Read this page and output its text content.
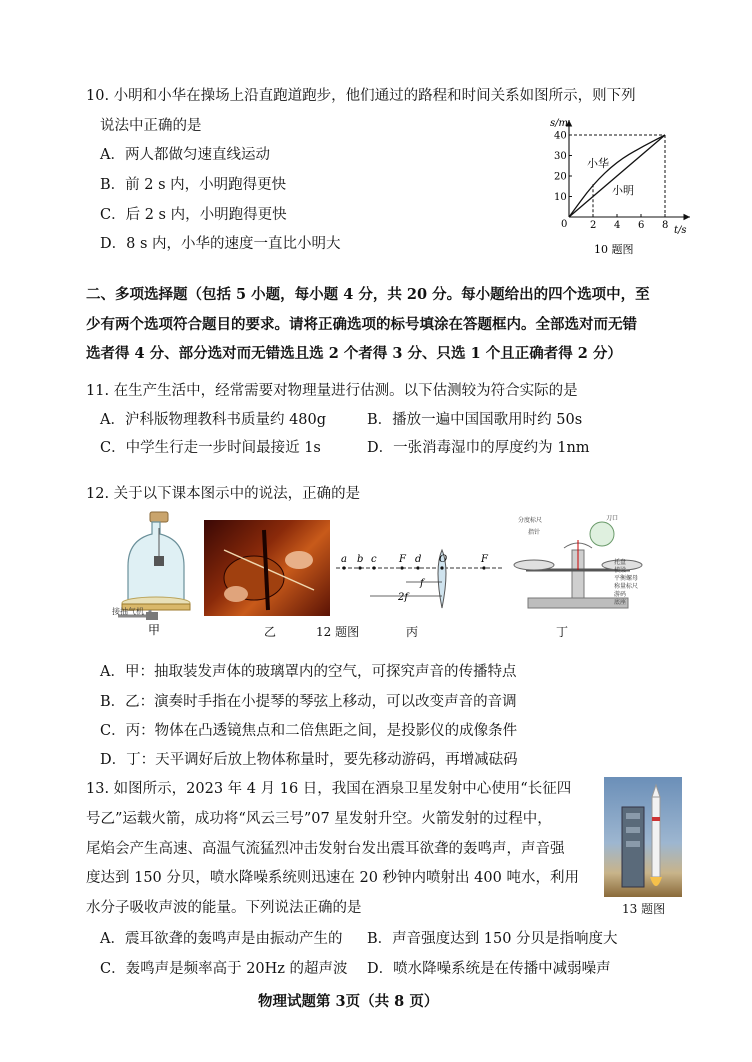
10. 小明和小华在操场上沿直跑道跑步，他们通过的路程和时间关系如图所示，则下列
说法中正确的是
A．两人都做匀速直线运动
B．前 2 s 内，小明跑得更快
C．后 2 s 内，小明跑得更快
D．8 s 内，小华的速度一直比小明大
2 4 6 8
10
20
30
40
s/m
t/s
0
小华
小明
10 题图
二、多项选择题（包括 5 小题，每小题 4 分，共 20 分。每小题给出的四个选项中，至
少有两个选项符合题目的要求。请将正确选项的标号填涂在答题框内。全部选对而无错
选者得 4 分、部分选对而无错选且选 2 个者得 3 分、只选 1 个且正确者得 2 分）
11. 在生产生活中，经常需要对物理量进行估测。以下估测较为符合实际的是
A．沪科版物理教科书质量约 480g	B．播放一遍中国国歌用时约 50s
C．中学生行走一步时间最接近 1s	D．一张消毒湿巾的厚度约为 1nm
12. 关于以下课本图示中的说法，正确的是
接抽气机
甲	乙	12 题图
a b c F d O	F
f
2f
丙
分度标尺
指针
刀口
托盘
横梁
平衡螺母
称量标尺
游码
底座
丁
A．甲：抽取装发声体的玻璃罩内的空气，可探究声音的传播特点
B．乙：演奏时手指在小提琴的琴弦上移动，可以改变声音的音调
C．丙：物体在凸透镜焦点和二倍焦距之间，是投影仪的成像条件
D．丁：天平调好后放上物体称量时，要先移动游码，再增减砝码
13. 如图所示，2023 年 4 月 16 日，我国在酒泉卫星发射中心使用“长征四
号乙”运载火箭，成功将“风云三号”07 星发射升空。火箭发射的过程中，
尾焰会产生高速、高温气流猛烈冲击发射台发出震耳欲聋的轰鸣声，声音强
度达到 150 分贝，喷水降噪系统则迅速在 20 秒钟内喷射出 400 吨水，利用
水分子吸收声波的能量。下列说法正确的是	13 题图
A．震耳欲聋的轰鸣声是由振动产生的 B．声音强度达到 150 分贝是指响度大
C．轰鸣声是频率高于 20Hz 的超声波 D．喷水降噪系统是在传播中减弱噪声
物理试题第 3页（共 8 页）
